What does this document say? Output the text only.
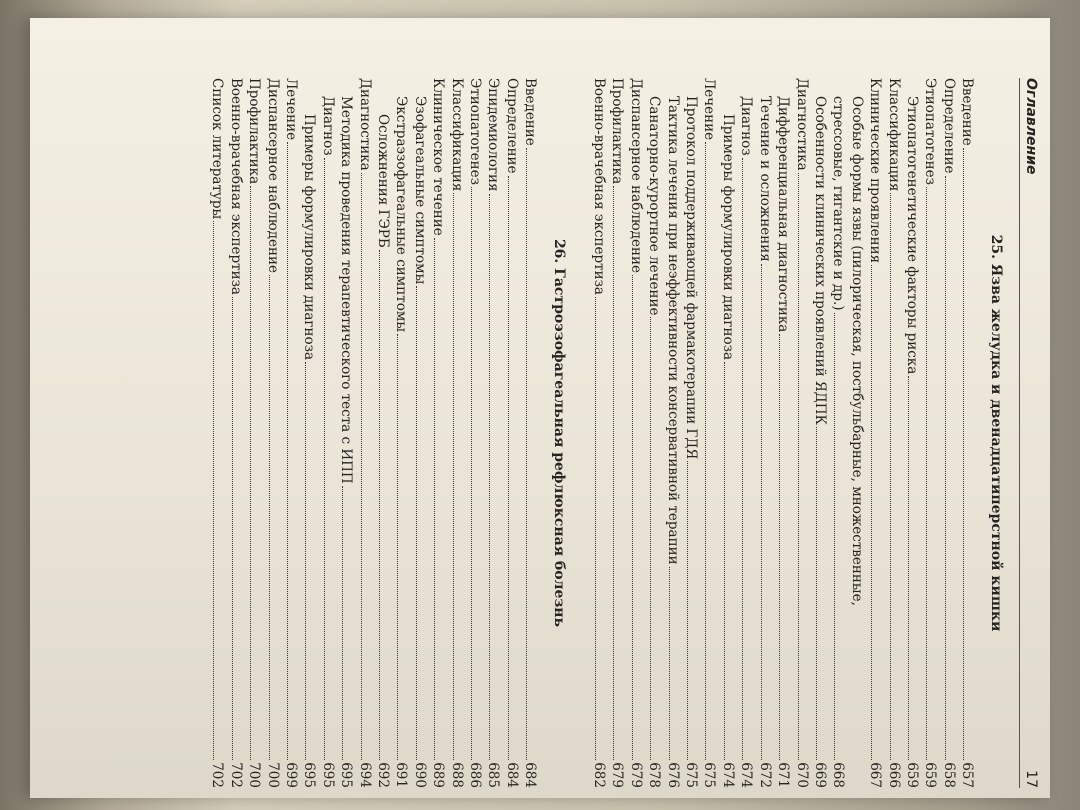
Оглавление
17
25. Язва желудка и двенадцатиперстной кишки
Введение
657
Определение
658
Этиопатогенез
659
Этиопатогенетические факторы риска
659
Классификация
666
Клинические проявления
667
Особые формы язвы (пилорическая, постбульбарные, множественные,
стрессовые, гигантские и др.)
668
Особенности клинических проявлений ЯДПК
669
Диагностика
670
Дифференциальная диагностика
671
Течение и осложнения
672
Диагноз
674
Примеры формулировки диагноза
674
Лечение
675
Протокол поддерживающей фармакотерапии ГДЯ
675
Тактика лечения при неэффективности консервативной терапии
676
Санаторно-курортное лечение
678
Диспансерное наблюдение
679
Профилактика
679
Военно-врачебная экспертиза
682
26. Гастроэзофагеальная рефлюксная болезнь
Введение
684
Определение
684
Эпидемиология
685
Этиопатогенез
686
Классификация
688
Клиническое течение
689
Эзофагеальные симптомы
690
Экстраэзофагеальные симптомы
691
Осложнения ГЭРБ
692
Диагностика
694
Методика проведения терапевтического теста с ИПП
695
Диагноз
695
Примеры формулировки диагноза
695
Лечение
699
Диспансерное наблюдение
700
Профилактика
700
Военно-врачебная экспертиза
702
Список литературы
702
